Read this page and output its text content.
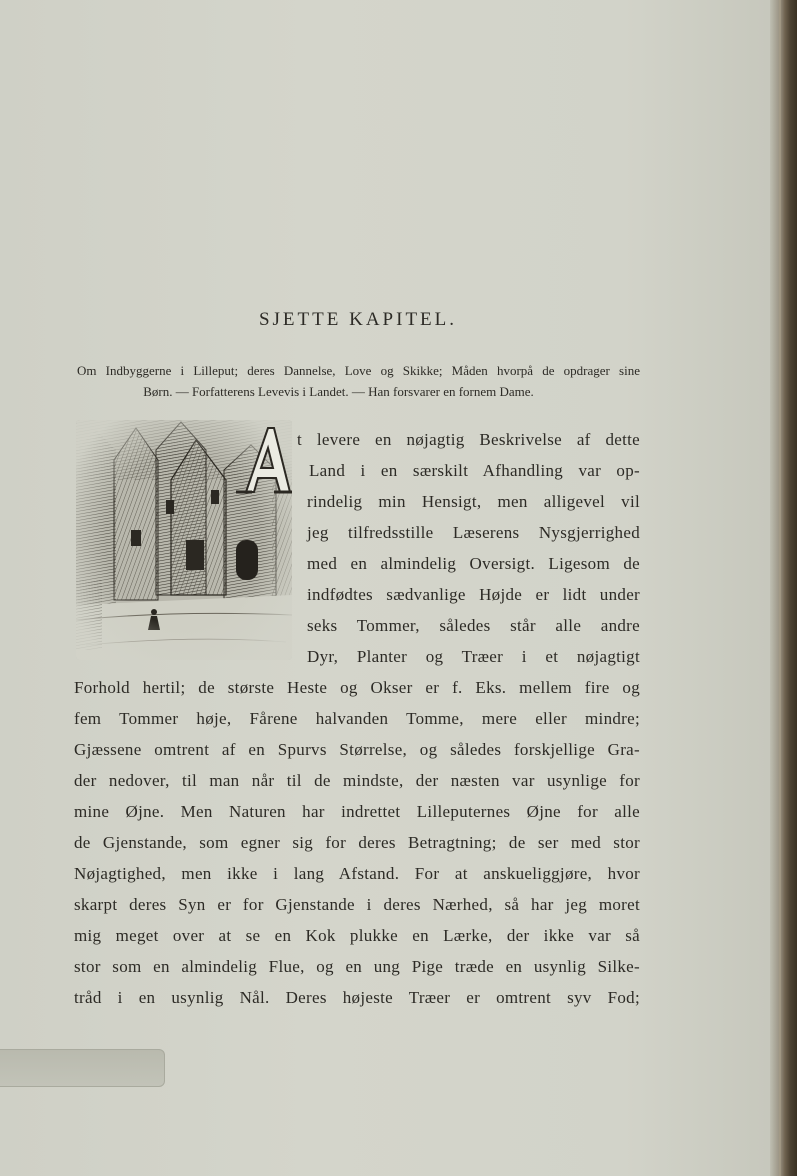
SJETTE KAPITEL.
Om Indbyggerne i Lilleput; deres Dannelse, Love og Skikke; Måden hvorpå de opdrager sine
Børn. — Forfatterens Levevis i Landet. — Han forsvarer en fornem Dame.
t levere en nøjagtig Beskrivelse af dette
Land i en særskilt Afhandling var op-
rindelig min Hensigt, men alligevel vil
jeg tilfredsstille Læserens Nysgjerrighed
med en almindelig Oversigt. Ligesom de
indfødtes sædvanlige Højde er lidt under
seks Tommer, således står alle andre
Dyr, Planter og Træer i et nøjagtigt
Forhold hertil; de største Heste og Okser er f. Eks. mellem fire og
fem Tommer høje, Fårene halvanden Tomme, mere eller mindre;
Gjæssene omtrent af en Spurvs Størrelse, og således forskjellige Gra-
der nedover, til man når til de mindste, der næsten var usynlige for
mine Øjne. Men Naturen har indrettet Lilleputernes Øjne for alle
de Gjenstande, som egner sig for deres Betragtning; de ser med stor
Nøjagtighed, men ikke i lang Afstand. For at anskueliggjøre, hvor
skarpt deres Syn er for Gjenstande i deres Nærhed, så har jeg moret
mig meget over at se en Kok plukke en Lærke, der ikke var så
stor som en almindelig Flue, og en ung Pige træde en usynlig Silke-
tråd i en usynlig Nål. Deres højeste Træer er omtrent syv Fod;
